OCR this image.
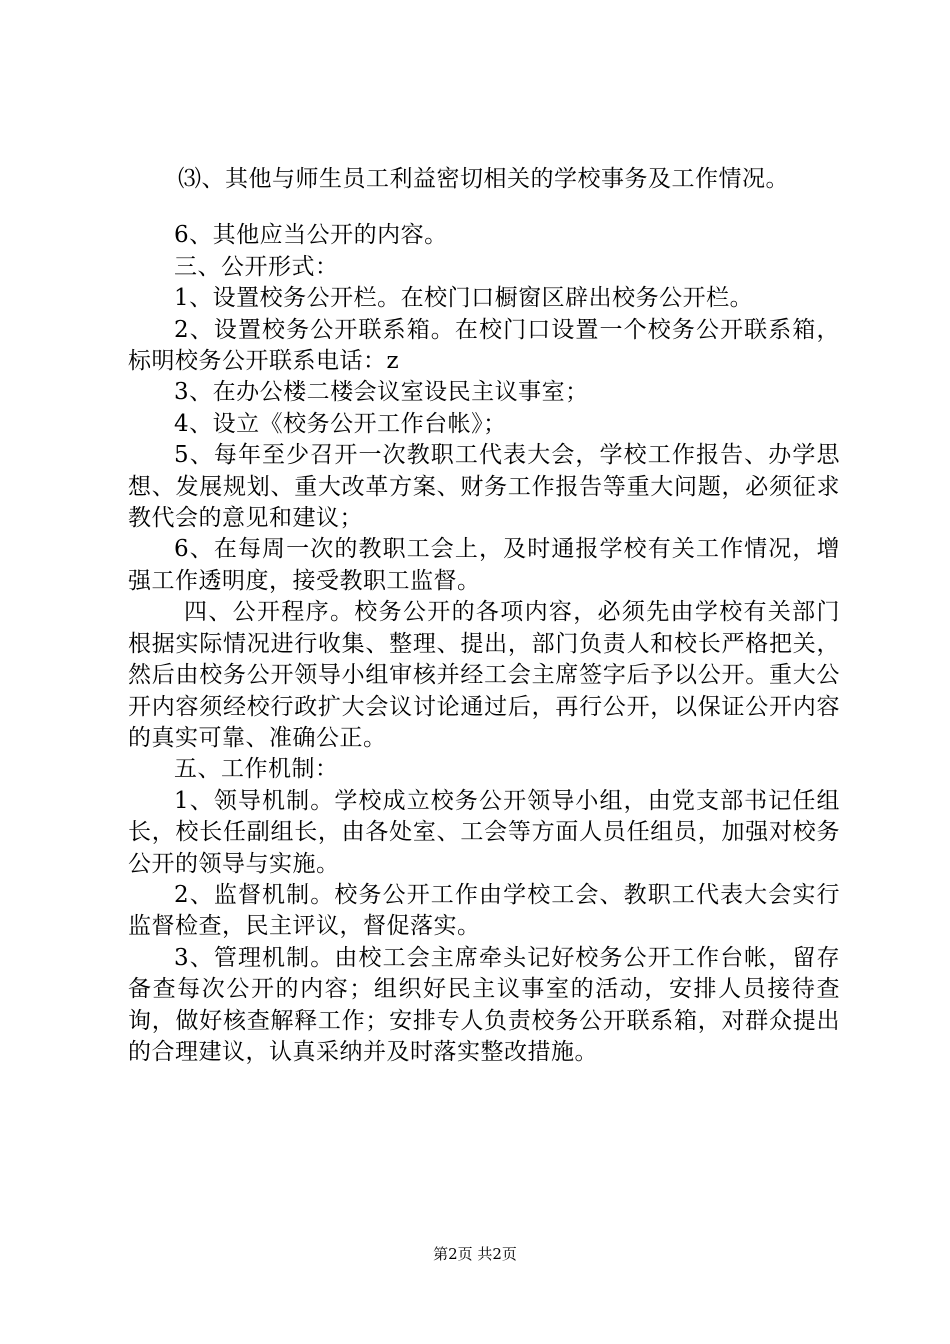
⑶、其他与师生员工利益密切相关的学校事务及工作情况。

6、其他应当公开的内容。

三、公开形式：

1、设置校务公开栏。在校门口橱窗区辟出校务公开栏。

2、设置校务公开联系箱。在校门口设置一个校务公开联系箱，标明校务公开联系电话：z

3、在办公楼二楼会议室设民主议事室；

4、设立《校务公开工作台帐》；

5、每年至少召开一次教职工代表大会，学校工作报告、办学思想、发展规划、重大改革方案、财务工作报告等重大问题，必须征求教代会的意见和建议；

6、在每周一次的教职工会上，及时通报学校有关工作情况，增强工作透明度，接受教职工监督。

四、公开程序。校务公开的各项内容，必须先由学校有关部门根据实际情况进行收集、整理、提出，部门负责人和校长严格把关，然后由校务公开领导小组审核并经工会主席签字后予以公开。重大公开内容须经校行政扩大会议讨论通过后，再行公开，以保证公开内容的真实可靠、准确公正。

五、工作机制：

1、领导机制。学校成立校务公开领导小组，由党支部书记任组长，校长任副组长，由各处室、工会等方面人员任组员，加强对校务公开的领导与实施。

2、监督机制。校务公开工作由学校工会、教职工代表大会实行监督检查，民主评议，督促落实。

3、管理机制。由校工会主席牵头记好校务公开工作台帐，留存备查每次公开的内容；组织好民主议事室的活动，安排人员接待查询，做好核查解释工作；安排专人负责校务公开联系箱，对群众提出的合理建议，认真采纳并及时落实整改措施。

第2页 共2页
